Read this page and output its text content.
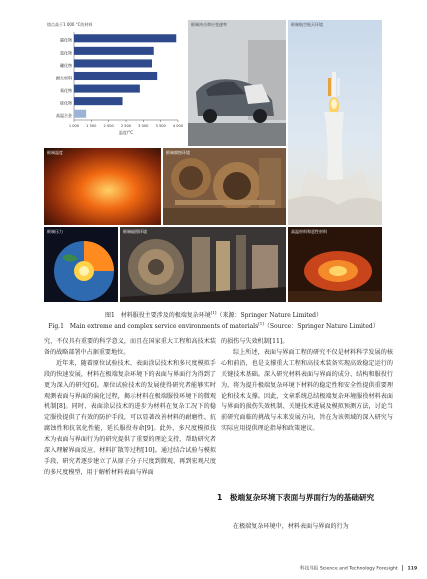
熔点高于1 000 °C的材料
碳化物
氮化物
硼化物
耐火材料
氧化物
硅化物
高温合金
1 000 1 500 2 000 2 500 3 000 3 500 4 000
温度/°C
极端冲击和应变速率	极端航空航天环境
极端温度	极端腐蚀环境
极端压力	极端辐照环境	高温材料和恶性材料
图1　材料服役主要涉及的极端复杂环境[1]（来源：Springer Nature Limited）
Fig.1　Main extreme and complex service environments of materials[1]（Source：Springer Nature Limited）

究，不仅具有重要的科学意义，而且在国家重大工程和高技术装备的战略部署中占据重要地位。

近年来，随着原位试验技术、表面涂层技术和多尺度模拟手段的快速发展，材料在极端复杂环境下的表面与界面行为得到了更为深入的研究[6]。原位试验技术的发展使得研究者能够实时观测表面与界面的演化过程，揭示材料在极端服役环境下的微观机制[8]。同时，表面涂层技术的进步为材料在复杂工况下的稳定服役提供了有效的防护手段，可以显著改善材料的耐磨性、抗腐蚀性和抗氧化性能，延长服役寿命[9]。此外，多尺度模拟技术为表面与界面行为的研究提供了重要的理论支持，帮助研究者深入理解界面反应、材料扩散等过程[10]。通过结合试验与模拟手段，研究者逐步建立了从原子分子尺度到微观、再到宏观尺度的多尺度模型，用于解析材料表面与界面

的损伤与失效机制[11]。

综上所述，表面与界面工程的研究不仅是材料科学发展的核心和前沿，也是支撑重大工程和高技术装备实现高效稳定运行的关键技术基础。深入研究材料表面与界面的成分、结构和服役行为，将为提升极端复杂环境下材料的稳定性和安全性提供重要理论和技术支撑。因此，文章系统总结极端复杂环境服役材料表面与界面的损伤失效机制、关键技术进展及模拟预测方法，讨论当前研究面临的挑战与未来发展方向，旨在为该领域的深入研究与实际应用提供理论指导和政策建议。

1　极端复杂环境下表面与界面行为的基础研究

在极端复杂环境中，材料表面与界面的行为

科技导报 Science and Technology Foresight 119
